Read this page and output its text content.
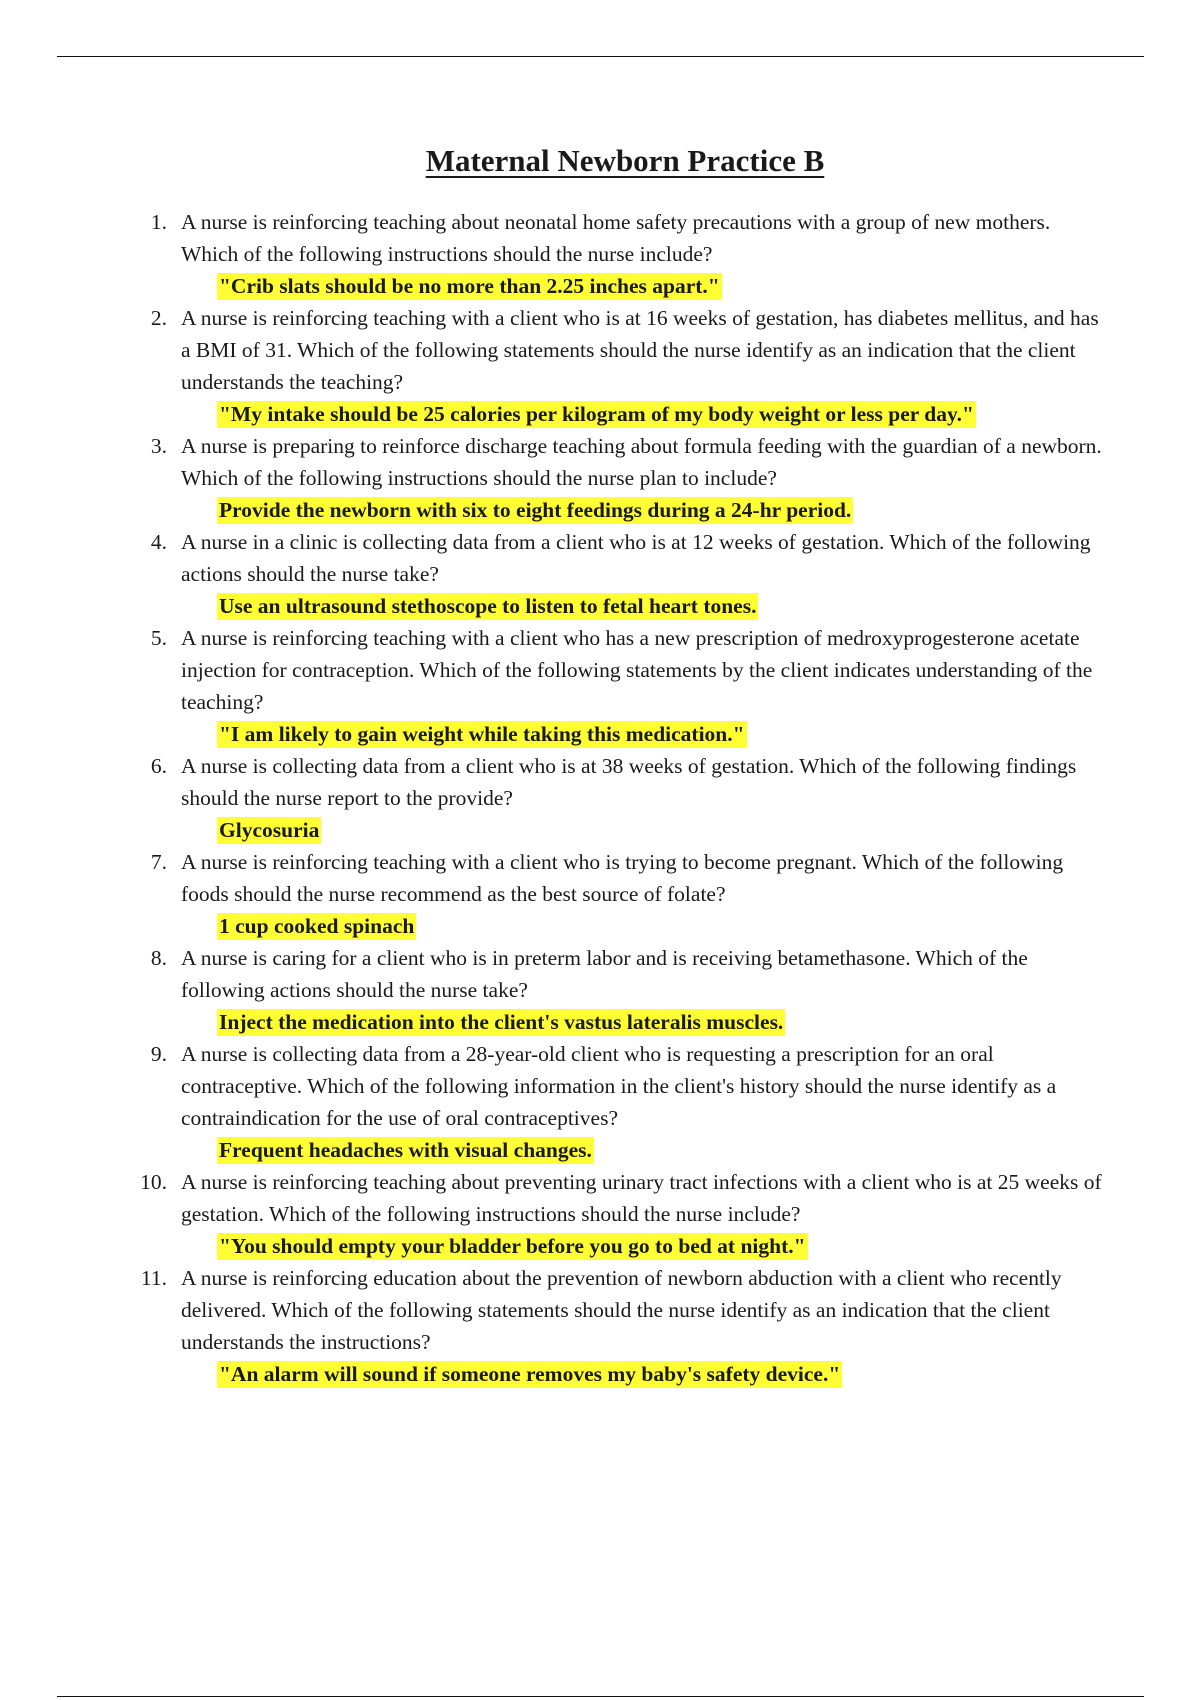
Maternal Newborn Practice B
1. A nurse is reinforcing teaching about neonatal home safety precautions with a group of new mothers. Which of the following instructions should the nurse include?
"Crib slats should be no more than 2.25 inches apart."
2. A nurse is reinforcing teaching with a client who is at 16 weeks of gestation, has diabetes mellitus, and has a BMI of 31. Which of the following statements should the nurse identify as an indication that the client understands the teaching?
"My intake should be 25 calories per kilogram of my body weight or less per day."
3. A nurse is preparing to reinforce discharge teaching about formula feeding with the guardian of a newborn. Which of the following instructions should the nurse plan to include?
Provide the newborn with six to eight feedings during a 24-hr period.
4. A nurse in a clinic is collecting data from a client who is at 12 weeks of gestation. Which of the following actions should the nurse take?
Use an ultrasound stethoscope to listen to fetal heart tones.
5. A nurse is reinforcing teaching with a client who has a new prescription of medroxyprogesterone acetate injection for contraception. Which of the following statements by the client indicates understanding of the teaching?
"I am likely to gain weight while taking this medication."
6. A nurse is collecting data from a client who is at 38 weeks of gestation. Which of the following findings should the nurse report to the provide?
Glycosuria
7. A nurse is reinforcing teaching with a client who is trying to become pregnant. Which of the following foods should the nurse recommend as the best source of folate?
1 cup cooked spinach
8. A nurse is caring for a client who is in preterm labor and is receiving betamethasone. Which of the following actions should the nurse take?
Inject the medication into the client's vastus lateralis muscles.
9. A nurse is collecting data from a 28-year-old client who is requesting a prescription for an oral contraceptive. Which of the following information in the client's history should the nurse identify as a contraindication for the use of oral contraceptives?
Frequent headaches with visual changes.
10. A nurse is reinforcing teaching about preventing urinary tract infections with a client who is at 25 weeks of gestation. Which of the following instructions should the nurse include?
"You should empty your bladder before you go to bed at night."
11. A nurse is reinforcing education about the prevention of newborn abduction with a client who recently delivered. Which of the following statements should the nurse identify as an indication that the client understands the instructions?
"An alarm will sound if someone removes my baby's safety device."
